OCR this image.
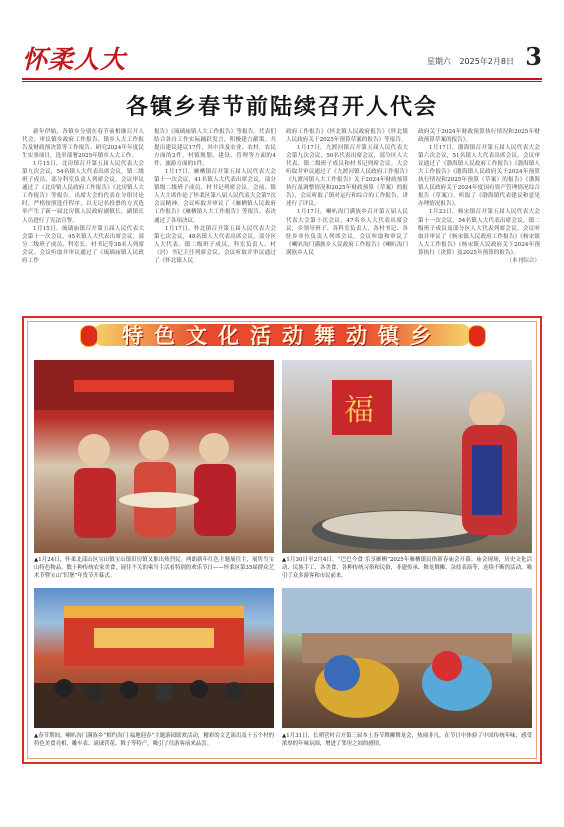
怀柔人大	星期六 2025年2月8日 3
各镇乡春节前陆续召开人代会

新年伊始，各镇乡分别在春节前相继召开人代会，审议镇乡政府工作报告、镇乡人大工作报告及财政预决算等工作报告，研究2024年年度民生实事项目，选举部署2025年镇乡人大工作。

1月15日，北房镇召开第五届人民代表大会第九次会议，54名镇人大代表出席会议。镇二级班子成员、部分科室负责人列席会议。会议审议通过了《北房镇人民政府工作报告》《北房镇人大工作报告》等报告。出席大会的代表在分组讨论时，严格按照选任程序，以无记名投票的方式选举产生了新一届北房镇人民政府副镇长、副镇长人员进行了宪法宣誓。

1月15日，琉璃庙镇召开第五届人民代表大会第十一次会议，45名镇人大代表出席会议，部分二级班子成员、科室长、村书记等38名人列席会议。会议听取并审议通过了《琉璃庙镇人民政府工作

报告》《琉璃庙镇人大工作报告》等报告。代表们结合各自工作实际踊跃发言，积极建言献策。共提出建议建议17件，其中涉及农业、农村、农民方面的2件，村镇规划、建设、管理等方面的4件、旅游方面的1件。

1月17日，雁栖镇召开第五届人民代表大会第十一次会议，41名镇人大代表出席会议，部分镇级二级班子成员、村书记列席会议。会前，镇人大主席作论了怀柔区第八届人民代表大会第7次会议精神。会议听取并审议了《雁栖镇人民政府工作报告》《雁栖镇人大工作报告》等报告，表决通过了各项决议。

1月17日，怀北镇召开第五届人民代表大会第七次会议，48名镇人大代表出席会议，部分区人大代表、镇二级班子成员、科室负责人、村（居）书记主任列席会议。会议听取并审议通过了《怀北镇人民

政府工作报告》《怀北镇人民政府报告》《怀北镇人民政府关于2025年预算草案的报告》等报告。

1月17日，九渡河镇召开第五届人民代表大会第九次会议，50名代表出席会议，部分区人大代表、镇二级班子成员和村书记列席会议。大会听取并审议通过了《九渡河镇人民政府工作报告》《九渡河镇人大工作报告》关于2024年财政预算执行及调整情况和2025年财政预算（草案）的报告》，会议听取了镇对运行和综合的工作报告，讲述行了评议。

1月17日，喇叭沟门满族乡召开第五届人民代表大会第十次会议，47名乡人大代表出席会议，乡领导班子、各科室负责人、各村书记、各驻乡单位负责人列席会议。会议听取和审议了《喇叭沟门满族乡人民政府工作报告》《喇叭沟门满族乡人民

政府关于2024年财政预算执行情况和2025年财政预算草案的报告》。

1月17日，渤海镇召开第五届人民代表大会第六次会议，51名镇人大代表出席会议。会议审议通过了《渤海镇人民政府工作报告》《渤海镇人大工作报告》《渤海镇人民政府关于2024年预算执行情况和2025年预算（草案）的报告》《渤海镇人民政府关于2024年度国有资产管理情况综合报告（草案）》，听取了《渤海镇代表建议和意见办理情况报告》。

1月23日，杨宋镇召开第五届人民代表大会第十一次会议，54名镇人大代表出席会议。镇二级班子成员及部分区人大代表列席会议。会议听取并审议了《杨宋镇人民政府工作报告》《杨宋镇人大工作报告》《杨宋镇人民政府关于2024年预算执行（决算）及2025年预算的报告》。

（本刊综合）
特色文化活动舞动镇乡
福
▲1月24日，怀柔北部山区宝山镇宝山镇旧房镇又推出热烈民。两朗新年红色主题展往主，展售当宝山特色物品，数十种传统农家美食，展往不关的乘当主活看特别的欢乐节日——怀柔区第35届群众艺术节暨宝山“旧堡”年货节开幕式。
▲1月30日至2月4日，“巴巴今食 乐享雁栖”2025年雁栖镇民俗新春庙会开幕。庙会现场，历史文化活动、民族手工、各美食，各种传统习俗和民俗，非遗传承、舞龙舞狮、杂技表演等，连续不断的活动，吸引了众多游客和市民前来。
▲春节期间，喇叭沟门满族乡“相约沟门 福地迎春”主题游园联欢活动，精彩的文艺演出及十五个村的特色美食亮相，雕车表、滚球营花、舞子等特产，吸引了往游客前来品尝。
▲1月31日，长哨营村召开第三届本土春节舞狮舞龙会，热闹非凡。在节日中体验了中国传统年味，感受浓厚的年味氛围，增进了邻里之间的感情。
